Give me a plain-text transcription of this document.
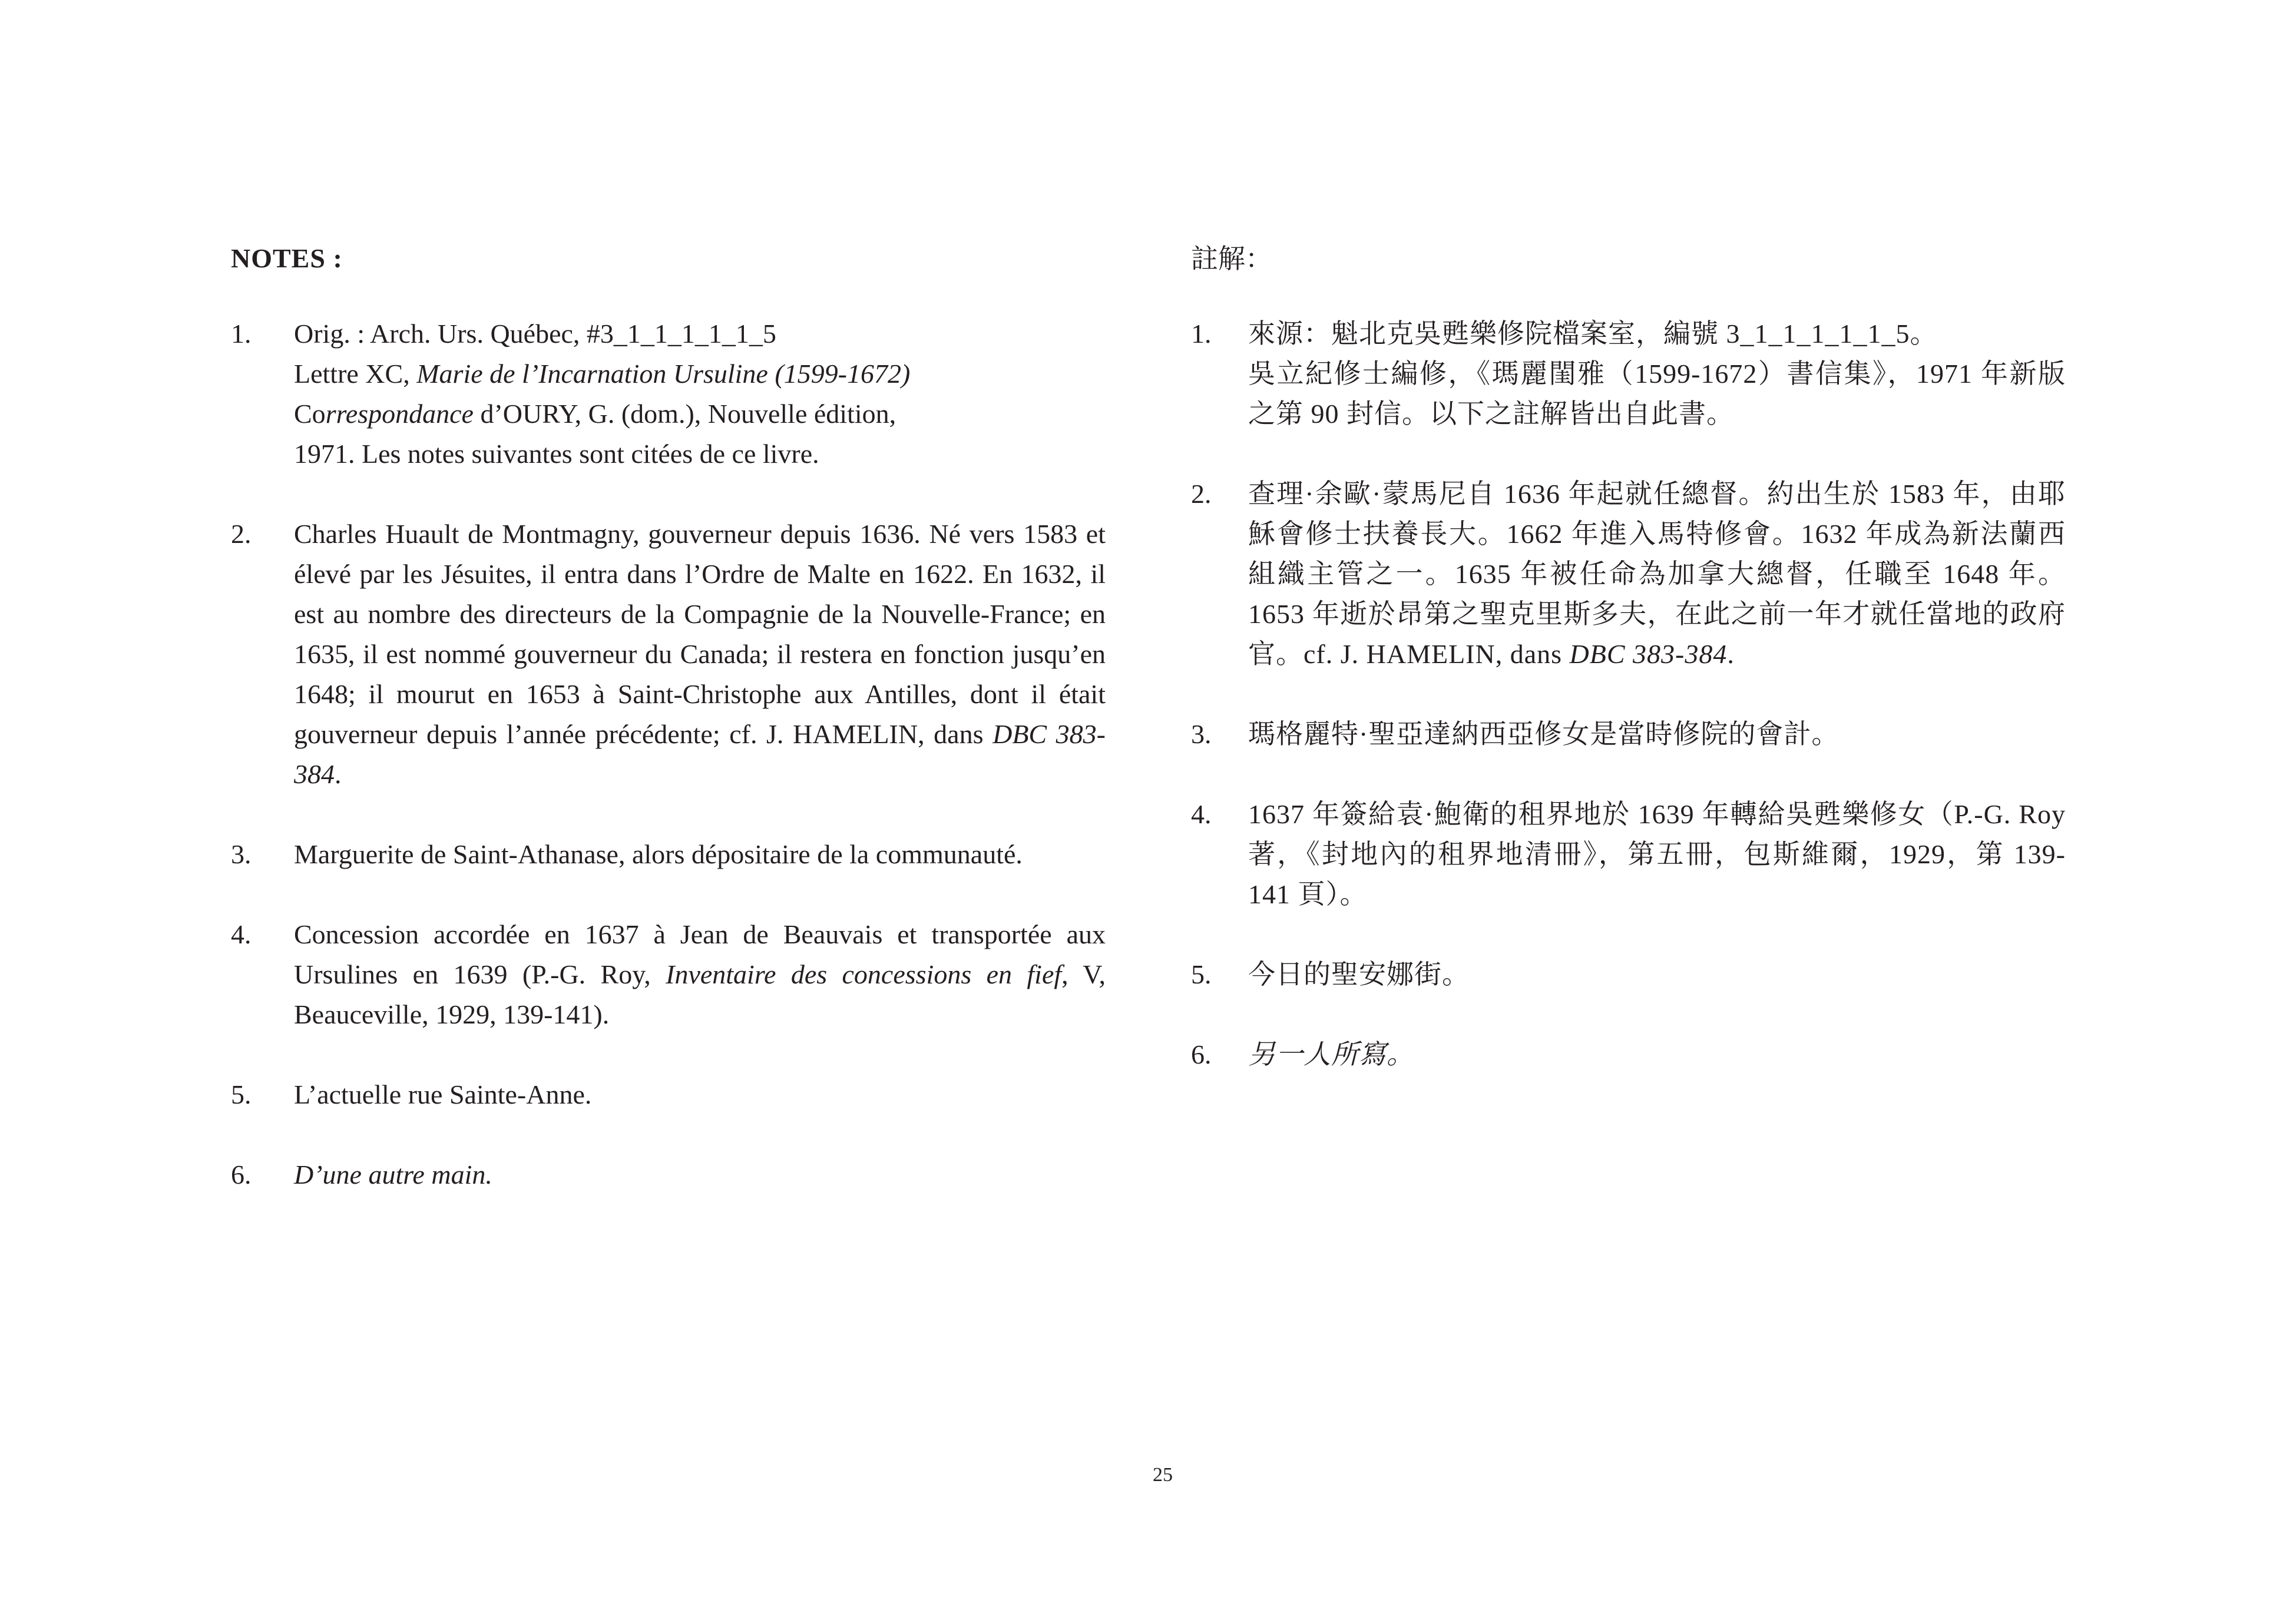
NOTES :
1. Orig. : Arch. Urs. Québec, #3_1_1_1_1_1_5
Lettre XC, Marie de l’Incarnation Ursuline (1599-1672)
Correspondance d’OURY, G. (dom.), Nouvelle édition,
1971. Les notes suivantes sont citées de ce livre.
2. Charles Huault de Montmagny, gouverneur depuis 1636. Né vers 1583 et élevé par les Jésuites, il entra dans l’Ordre de Malte en 1622. En 1632, il est au nombre des directeurs de la Compagnie de la Nouvelle-France; en 1635, il est nommé gouverneur du Canada; il restera en fonction jusqu’en 1648; il mourut en 1653 à Saint-Christophe aux Antilles, dont il était gouverneur depuis l’année précédente; cf. J. HAMELIN, dans DBC 383-384.
3. Marguerite de Saint-Athanase, alors dépositaire de la communauté.
4. Concession accordée en 1637 à Jean de Beauvais et transportée aux Ursulines en 1639 (P.-G. Roy, Inventaire des concessions en fief, V, Beauceville, 1929, 139-141).
5. L’actuelle rue Sainte-Anne.
6. D’une autre main.
註解：
1. 來源：魁北克吳甦樂修院檔案室，編號 3_1_1_1_1_1_5。
吳立紀修士編修，《瑪麗閨雅（1599-1672）書信集》，1971 年新版之第 90 封信。以下之註解皆出自此書。
2. 查理·余歐·蒙馬尼自 1636 年起就任總督。約出生於 1583 年，由耶穌會修士扶養長大。1662 年進入馬特修會。1632 年成為新法蘭西組織主管之一。1635 年被任命為加拿大總督，任職至 1648 年。1653 年逝於昂第之聖克里斯多夫，在此之前一年才就任當地的政府官。cf. J. HAMELIN, dans DBC 383-384.
3. 瑪格麗特·聖亞達納西亞修女是當時修院的會計。
4. 1637 年簽給袁·鮑衛的租界地於 1639 年轉給吳甦樂修女（P.-G. Roy 著，《封地內的租界地清冊》，第五冊，包斯維爾，1929，第 139-141 頁）。
5. 今日的聖安娜街。
6. 另一人所寫。
25
